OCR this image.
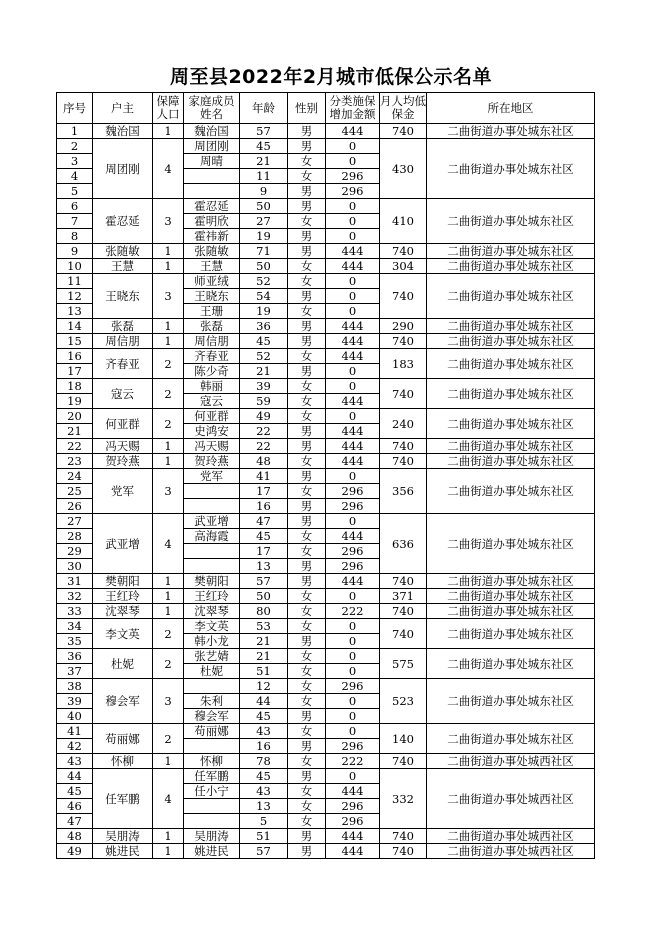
周至县2022年2月城市低保公示名单
序号	户主	保障人口	家庭成员姓名	年龄	性别	分类施保增加金额	月人均低保金	所在地区
1	魏治国	1	魏治国	57	男	444	740	二曲街道办事处城东社区
2	周团刚	4	周团刚	45	男	0	430	二曲街道办事处城东社区
3			周晴	21	女	0		
4				11	女	296		
5				9	男	296		
6	霍忍延	3	霍忍延	50	男	0	410	二曲街道办事处城东社区
7			霍明欣	27	女	0		
8			霍祎新	19	男	0		
9	张随敏	1	张随敏	71	男	444	740	二曲街道办事处城东社区
10	王慧	1	王慧	50	女	444	304	二曲街道办事处城东社区
11	王晓东	3	师亚绒	52	女	0	740	二曲街道办事处城东社区
12			王晓东	54	男	0		
13			王珊	19	女	0		
14	张磊	1	张磊	36	男	444	290	二曲街道办事处城东社区
15	周信朋	1	周信朋	45	男	444	740	二曲街道办事处城东社区
16	齐春亚	2	齐春亚	52	女	444	183	二曲街道办事处城东社区
17			陈少奇	21	男	0		
18	寇云	2	韩丽	39	女	0	740	二曲街道办事处城东社区
19			寇云	59	女	444		
20	何亚群	2	何亚群	49	女	0	240	二曲街道办事处城东社区
21			史鸿安	22	男	444		
22	冯天赐	1	冯天赐	22	男	444	740	二曲街道办事处城东社区
23	贺玲燕	1	贺玲燕	48	女	444	740	二曲街道办事处城东社区
24	党军	3	党军	41	男	0	356	二曲街道办事处城东社区
25				17	女	296		
26				16	男	296		
27	武亚增	4	武亚增	47	男	0	636	二曲街道办事处城东社区
28			高海霞	45	女	444		
29				17	女	296		
30				13	男	296		
31	樊朝阳	1	樊朝阳	57	男	444	740	二曲街道办事处城东社区
32	王红玲	1	王红玲	50	女	0	371	二曲街道办事处城东社区
33	沈翠琴	1	沈翠琴	80	女	222	740	二曲街道办事处城东社区
34	李文英	2	李文英	53	女	0	740	二曲街道办事处城东社区
35			韩小龙	21	男	0		
36	杜妮	2	张艺婧	21	女	0	575	二曲街道办事处城东社区
37			杜妮	51	女	0		
38	穆会军	3		12	女	296	523	二曲街道办事处城东社区
39			朱利	44	女	0		
40			穆会军	45	男	0		
41	苟丽娜	2	苟丽娜	43	女	0	140	二曲街道办事处城东社区
42				16	男	296		
43	怀柳	1	怀柳	78	女	222	740	二曲街道办事处城西社区
44	任军鹏	4	任军鹏	45	男	0	332	二曲街道办事处城西社区
45			任小宁	43	女	444		
46				13	女	296		
47				5	女	296		
48	吴朋涛	1	吴朋涛	51	男	444	740	二曲街道办事处城西社区
49	姚进民	1	姚进民	57	男	444	740	二曲街道办事处城西社区
